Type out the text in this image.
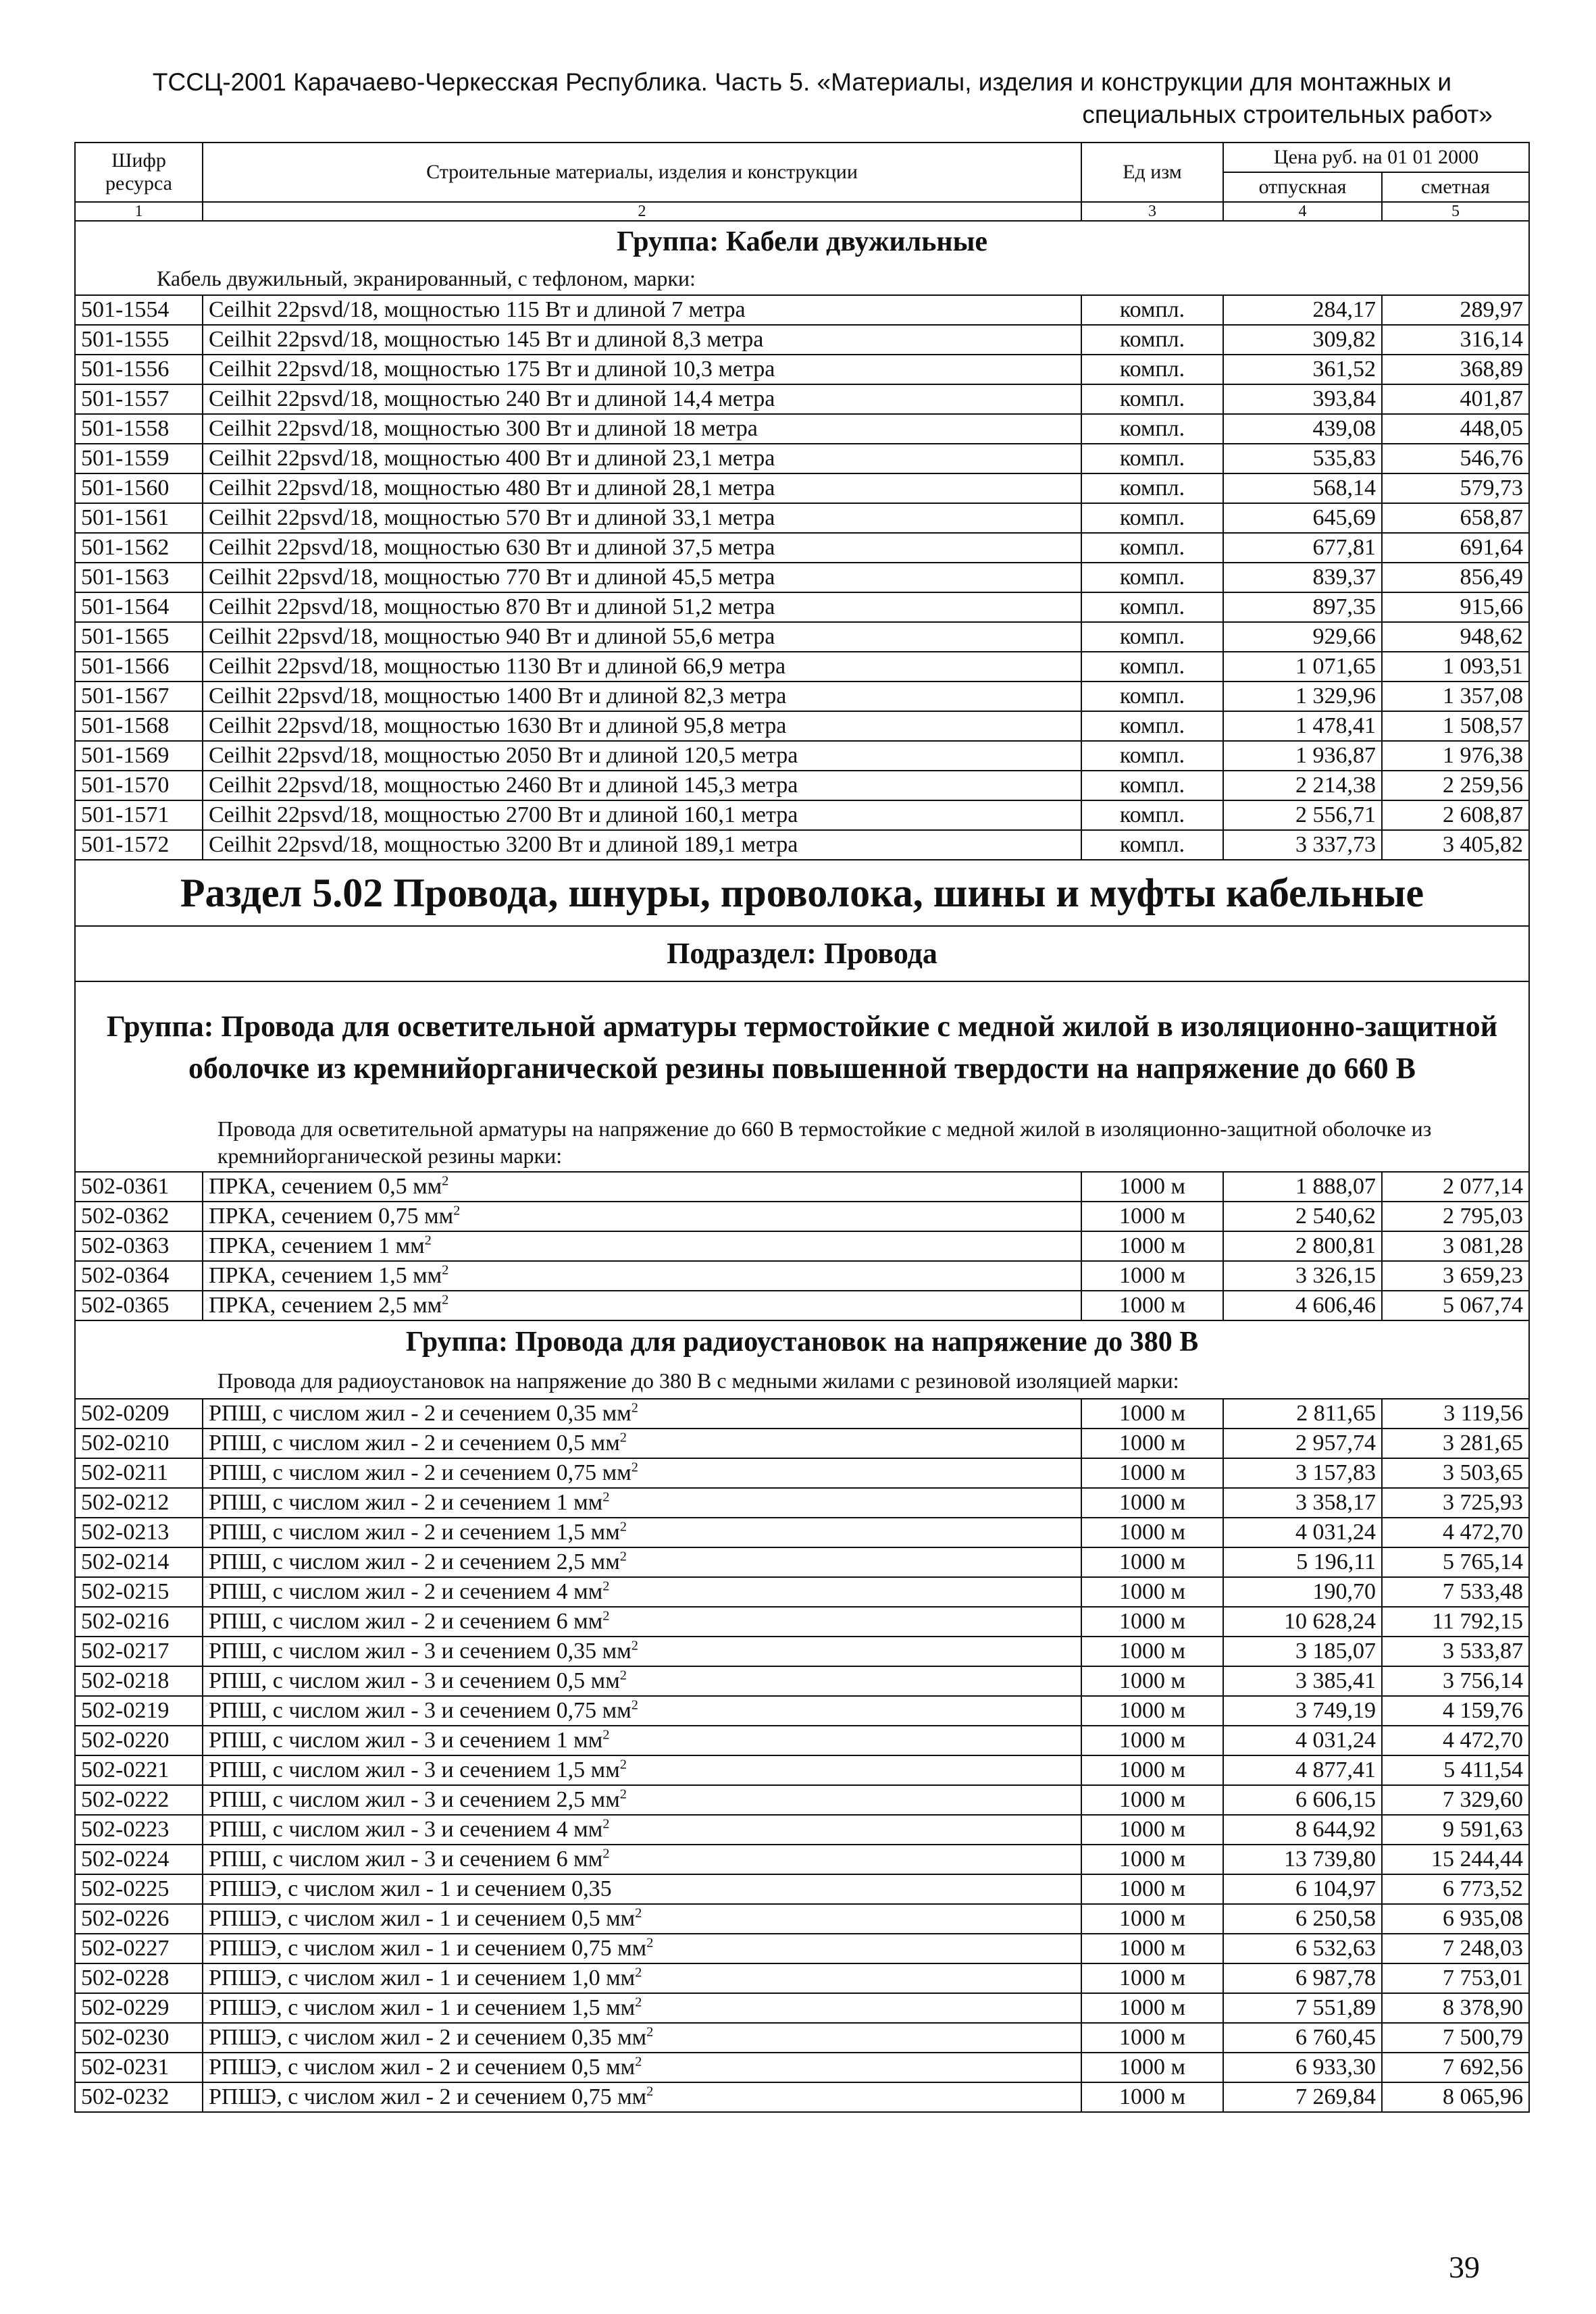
ТССЦ-2001 Карачаево-Черкесская Республика. Часть 5. «Материалы, изделия и конструкции для монтажных и
специальных строительных работ»
Шифр ресурса	Строительные материалы, изделия и конструкции	Ед изм	Цена руб. на 01 01 2000	
			отпускная	сметная
1	2	3	4	5
Группа: Кабели двужильные				
Кабель двужильный, экранированный, с тефлоном, марки:				
501-1554	Ceilhit 22psvd/18, мощностью 115 Вт и длиной 7 метра	компл.	284,17	289,97
501-1555	Ceilhit 22psvd/18, мощностью 145 Вт и длиной 8,3 метра	компл.	309,82	316,14
501-1556	Ceilhit 22psvd/18, мощностью 175 Вт и длиной 10,3 метра	компл.	361,52	368,89
501-1557	Ceilhit 22psvd/18, мощностью 240 Вт и длиной 14,4 метра	компл.	393,84	401,87
501-1558	Ceilhit 22psvd/18, мощностью 300 Вт и длиной 18 метра	компл.	439,08	448,05
501-1559	Ceilhit 22psvd/18, мощностью 400 Вт и длиной 23,1 метра	компл.	535,83	546,76
501-1560	Ceilhit 22psvd/18, мощностью 480 Вт и длиной 28,1 метра	компл.	568,14	579,73
501-1561	Ceilhit 22psvd/18, мощностью 570 Вт и длиной 33,1 метра	компл.	645,69	658,87
501-1562	Ceilhit 22psvd/18, мощностью 630 Вт и длиной 37,5 метра	компл.	677,81	691,64
501-1563	Ceilhit 22psvd/18, мощностью 770 Вт и длиной 45,5 метра	компл.	839,37	856,49
501-1564	Ceilhit 22psvd/18, мощностью 870 Вт и длиной 51,2 метра	компл.	897,35	915,66
501-1565	Ceilhit 22psvd/18, мощностью 940 Вт и длиной 55,6 метра	компл.	929,66	948,62
501-1566	Ceilhit 22psvd/18, мощностью 1130 Вт и длиной 66,9 метра	компл.	1 071,65	1 093,51
501-1567	Ceilhit 22psvd/18, мощностью 1400 Вт и длиной 82,3 метра	компл.	1 329,96	1 357,08
501-1568	Ceilhit 22psvd/18, мощностью 1630 Вт и длиной 95,8 метра	компл.	1 478,41	1 508,57
501-1569	Ceilhit 22psvd/18, мощностью 2050 Вт и длиной 120,5 метра	компл.	1 936,87	1 976,38
501-1570	Ceilhit 22psvd/18, мощностью 2460 Вт и длиной 145,3 метра	компл.	2 214,38	2 259,56
501-1571	Ceilhit 22psvd/18, мощностью 2700 Вт и длиной 160,1 метра	компл.	2 556,71	2 608,87
501-1572	Ceilhit 22psvd/18, мощностью 3200 Вт и длиной 189,1 метра	компл.	3 337,73	3 405,82
Раздел 5.02 Провода, шнуры, проволока, шины и муфты кабельные				
Подраздел: Провода				
Группа: Провода для осветительной арматуры термостойкие с медной жилой в изоляционно-защитной оболочке из кремнийорганической резины повышенной твердости на напряжение до 660 В				
Провода для осветительной арматуры на напряжение до 660 В термостойкие с медной жилой в изоляционно-защитной оболочке из кремнийорганической резины марки:				
502-0361	ПРКА, сечением 0,5 $мм^2$	1000 м	1 888,07	2 077,14
502-0362	ПРКА, сечением 0,75 $мм^2$	1000 м	2 540,62	2 795,03
502-0363	ПРКА, сечением 1 $мм^2$	1000 м	2 800,81	3 081,28
502-0364	ПРКА, сечением 1,5 $мм^2$	1000 м	3 326,15	3 659,23
502-0365	ПРКА, сечением 2,5 $мм^2$	1000 м	4 606,46	5 067,74
Группа: Провода для радиоустановок на напряжение до 380 В				
Провода для радиоустановок на напряжение до 380 В с медными жилами с резиновой изоляцией марки:				
502-0209	РПШ, с числом жил - 2 и сечением 0,35 $мм^2$	1000 м	2 811,65	3 119,56
502-0210	РПШ, с числом жил - 2 и сечением 0,5 $мм^2$	1000 м	2 957,74	3 281,65
502-0211	РПШ, с числом жил - 2 и сечением 0,75 $мм^2$	1000 м	3 157,83	3 503,65
502-0212	РПШ, с числом жил - 2 и сечением 1 $мм^2$	1000 м	3 358,17	3 725,93
502-0213	РПШ, с числом жил - 2 и сечением 1,5 $мм^2$	1000 м	4 031,24	4 472,70
502-0214	РПШ, с числом жил - 2 и сечением 2,5 $мм^2$	1000 м	5 196,11	5 765,14
502-0215	РПШ, с числом жил - 2 и сечением 4 $мм^2$	1000 м	190,70	7 533,48
502-0216	РПШ, с числом жил - 2 и сечением 6 $мм^2$	1000 м	10 628,24	11 792,15
502-0217	РПШ, с числом жил - 3 и сечением 0,35 $мм^2$	1000 м	3 185,07	3 533,87
502-0218	РПШ, с числом жил - 3 и сечением 0,5 $мм^2$	1000 м	3 385,41	3 756,14
502-0219	РПШ, с числом жил - 3 и сечением 0,75 $мм^2$	1000 м	3 749,19	4 159,76
502-0220	РПШ, с числом жил - 3 и сечением 1 $мм^2$	1000 м	4 031,24	4 472,70
502-0221	РПШ, с числом жил - 3 и сечением 1,5 $мм^2$	1000 м	4 877,41	5 411,54
502-0222	РПШ, с числом жил - 3 и сечением 2,5 $мм^2$	1000 м	6 606,15	7 329,60
502-0223	РПШ, с числом жил - 3 и сечением 4 $мм^2$	1000 м	8 644,92	9 591,63
502-0224	РПШ, с числом жил - 3 и сечением 6 $мм^2$	1000 м	13 739,80	15 244,44
502-0225	РПШЭ, с числом жил - 1 и сечением 0,35	1000 м	6 104,97	6 773,52
502-0226	РПШЭ, с числом жил - 1 и сечением 0,5 $мм^2$	1000 м	6 250,58	6 935,08
502-0227	РПШЭ, с числом жил - 1 и сечением 0,75 $мм^2$	1000 м	6 532,63	7 248,03
502-0228	РПШЭ, с числом жил - 1 и сечением 1,0 $мм^2$	1000 м	6 987,78	7 753,01
502-0229	РПШЭ, с числом жил - 1 и сечением 1,5 $мм^2$	1000 м	7 551,89	8 378,90
502-0230	РПШЭ, с числом жил - 2 и сечением 0,35 $мм^2$	1000 м	6 760,45	7 500,79
502-0231	РПШЭ, с числом жил - 2 и сечением 0,5 $мм^2$	1000 м	6 933,30	7 692,56
502-0232	РПШЭ, с числом жил - 2 и сечением 0,75 $мм^2$	1000 м	7 269,84	8 065,96
39
